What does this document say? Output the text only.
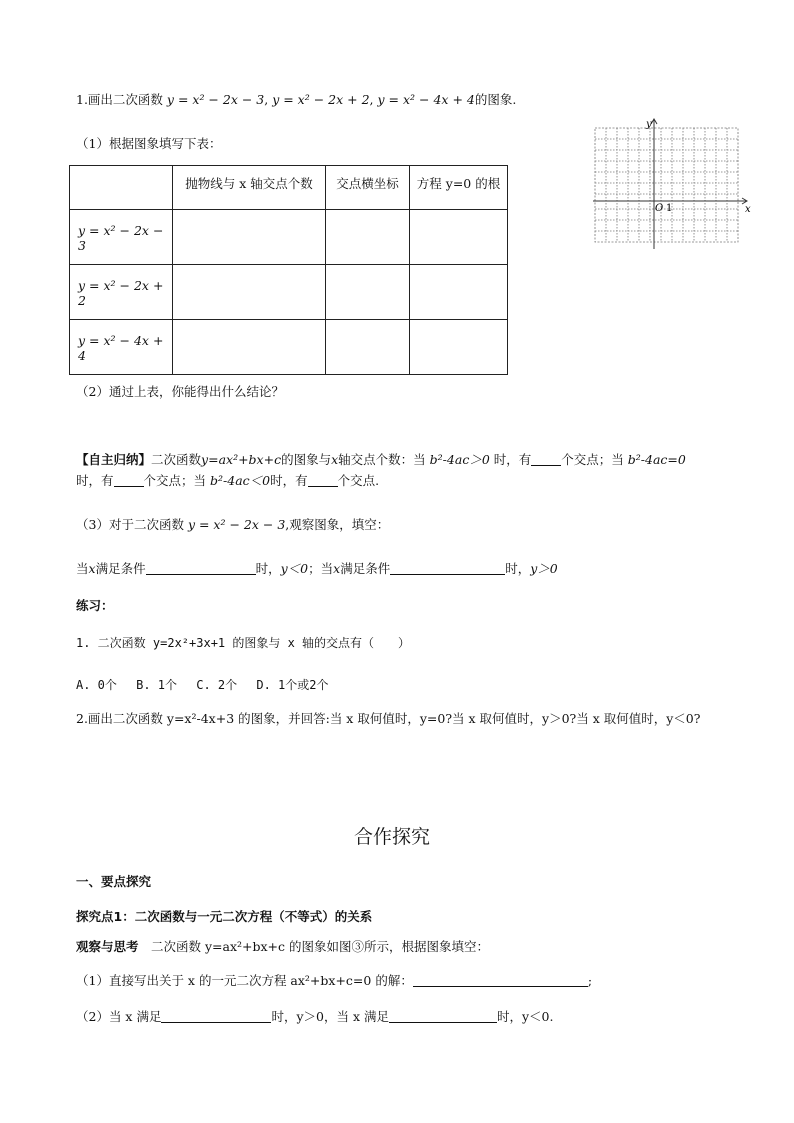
1.画出二次函数 y = x² − 2x − 3, y = x² − 2x + 2, y = x² − 4x + 4的图象.
（1）根据图象填写下表：
	抛物线与 x 轴交点个数	交点横坐标	方程 y=0 的根
y = x² − 2x − 3			
y = x² − 2x + 2			
y = x² − 4x + 4			
x
y
O 1
（2）通过上表，你能得出什么结论？
【自主归纳】二次函数y=ax²+bx+c的图象与x轴交点个数：当 b²-4ac＞0 时，有 个交点；当 b²-4ac=0
时，有 个交点；当 b²-4ac＜0时，有 个交点.
（3）对于二次函数 y = x² − 2x − 3,观察图象，填空：
当x满足条件	时，y＜0；当x满足条件	时，y＞0
练习：
1. 二次函数 y=2x²+3x+1 的图象与 x 轴的交点有（　　）
A. 0个　 B. 1个　 C. 2个　 D. 1个或2个
2.画出二次函数 y=x²-4x+3 的图象，并回答:当 x 取何值时，y=0?当 x 取何值时，y＞0?当 x 取何值时，y＜0?
合作探究
一、要点探究
探究点1：二次函数与一元二次方程（不等式）的关系
观察与思考　二次函数 y=ax²+bx+c 的图象如图③所示，根据图象填空：
（1）直接写出关于 x 的一元二次方程 ax²+bx+c=0 的解：	;
（2）当 x 满足	时，y＞0，当 x 满足	时，y＜0.
